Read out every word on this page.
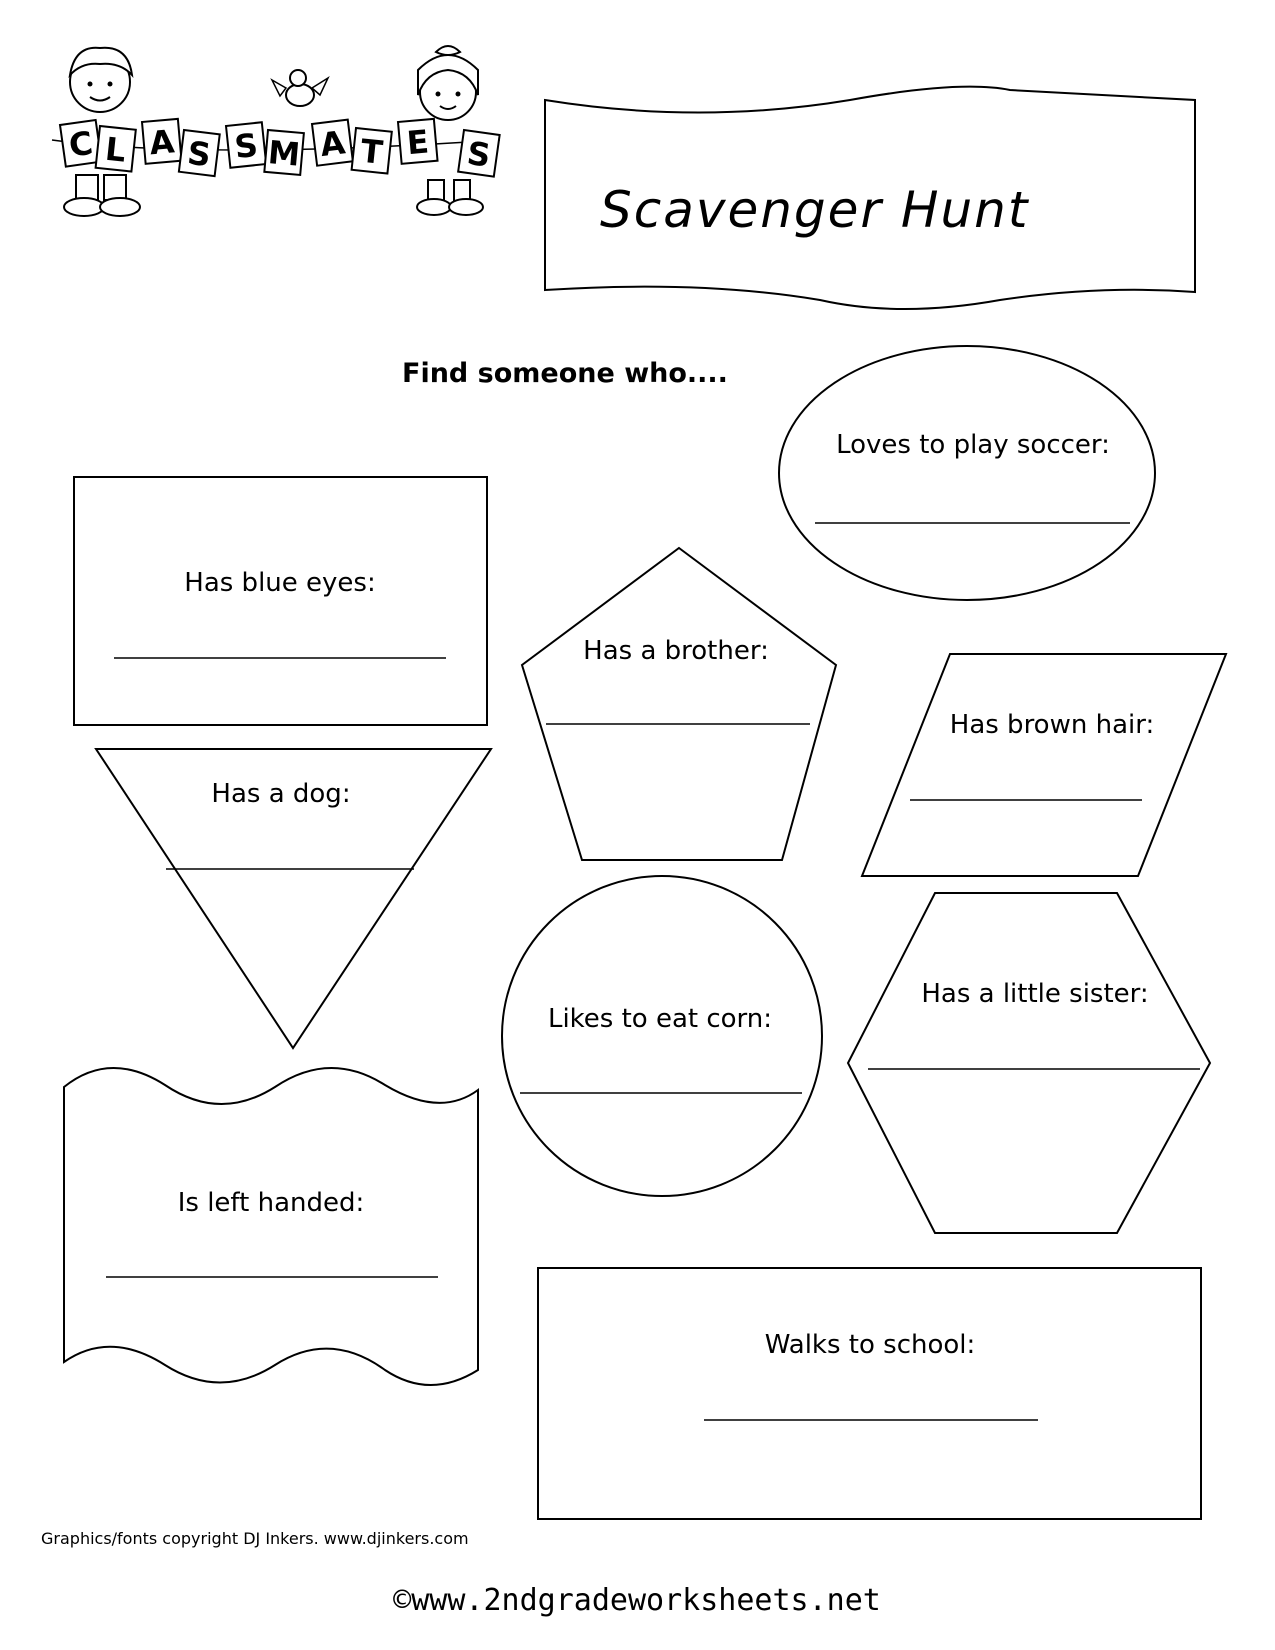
C L A S S M A T E S
Scavenger Hunt
Find someone who....
Loves to play soccer:
Has blue eyes:
Has a brother:
Has brown hair:
Has a dog:
Likes to eat corn:
Has a little sister:
Is left handed:
Walks to school:
Graphics/fonts copyright DJ Inkers. www.djinkers.com
©www.2ndgradeworksheets.net
